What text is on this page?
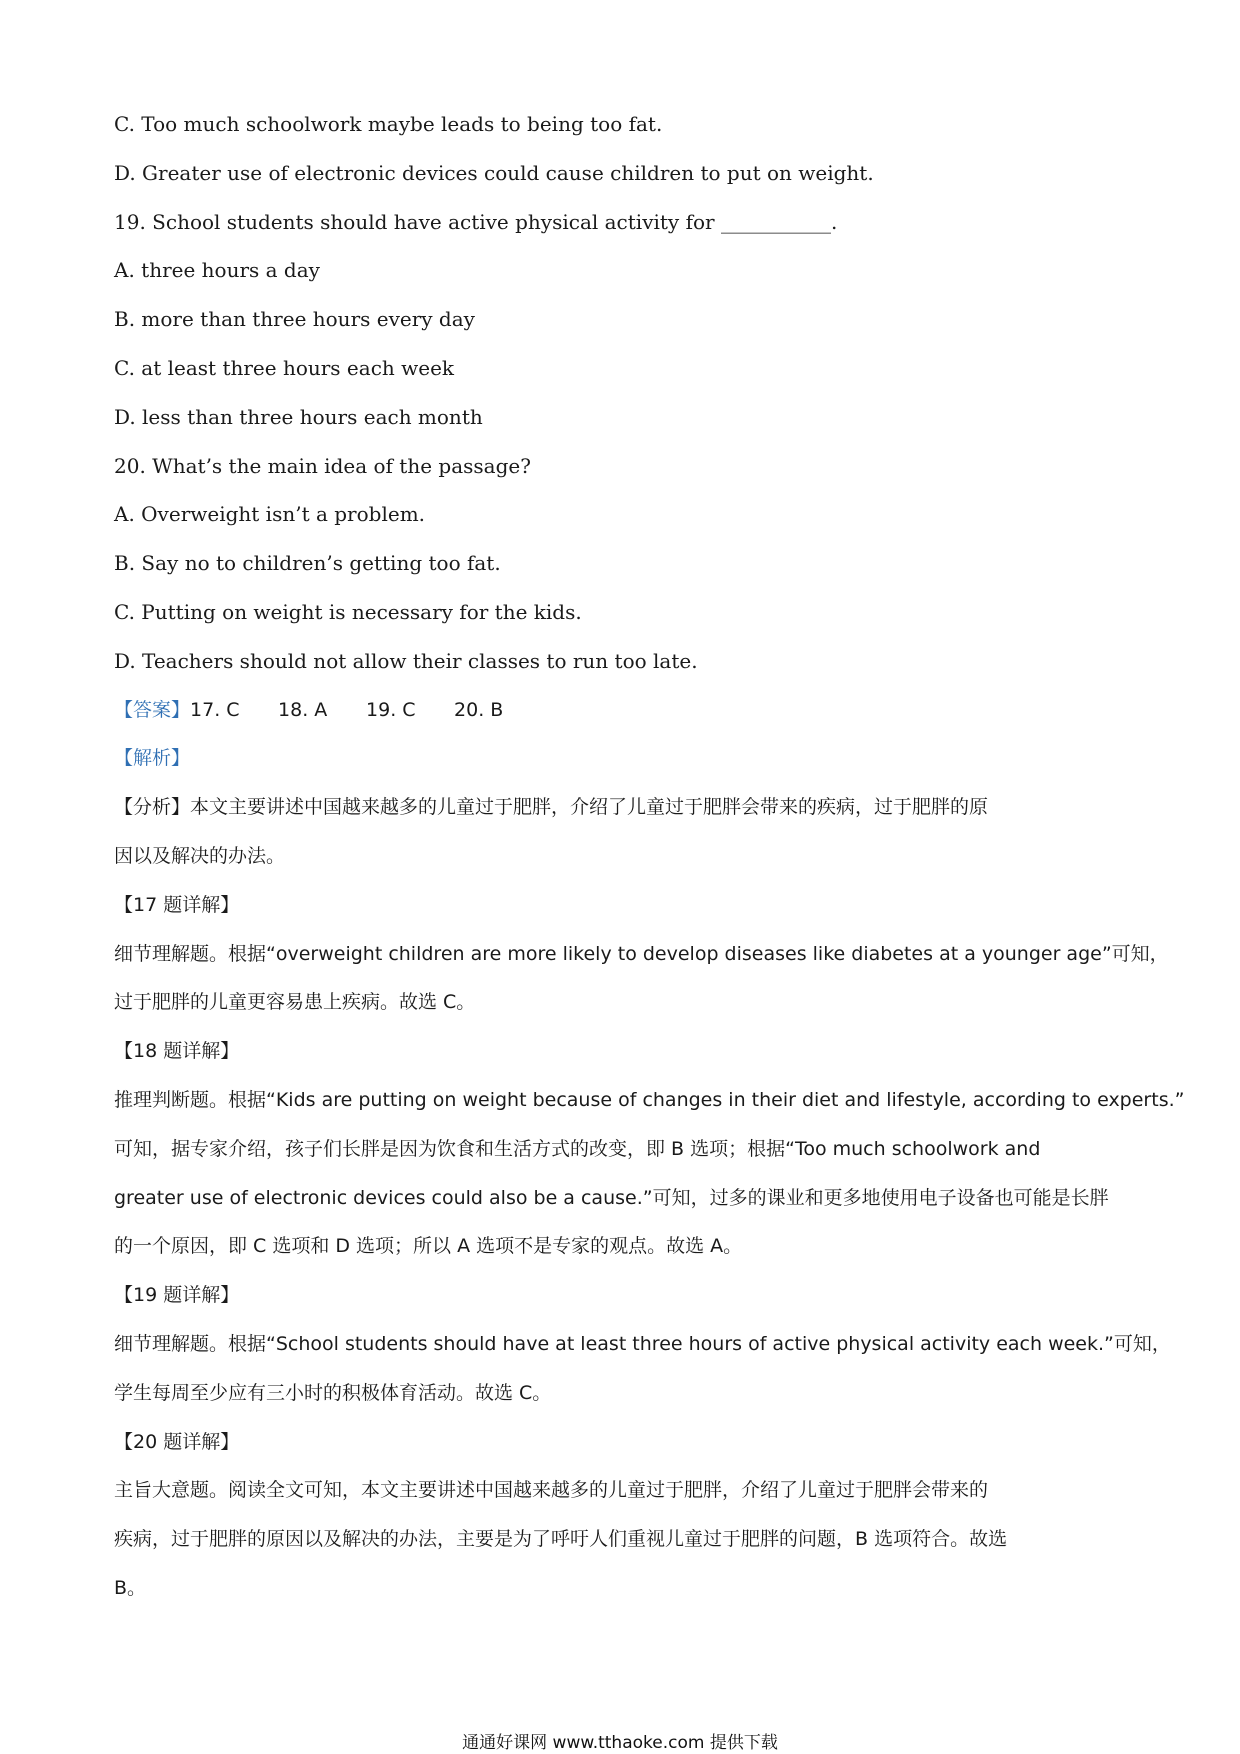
C. Too much schoolwork maybe leads to being too fat.
D. Greater use of electronic devices could cause children to put on weight.
19. School students should have active physical activity for ___________.
A. three hours a day
B. more than three hours every day
C. at least three hours each week
D. less than three hours each month
20. What’s the main idea of the passage?
A. Overweight isn’t a problem.
B. Say no to children’s getting too fat.
C. Putting on weight is necessary for the kids.
D. Teachers should not allow their classes to run too late.
【答案】17. C 18. A 19. C 20. B
【解析】
【分析】本文主要讲述中国越来越多的儿童过于肥胖，介绍了儿童过于肥胖会带来的疾病，过于肥胖的原
因以及解决的办法。
【17 题详解】
细节理解题。根据“overweight children are more likely to develop diseases like diabetes at a younger age”可知，
过于肥胖的儿童更容易患上疾病。故选 C。
【18 题详解】
推理判断题。根据“Kids are putting on weight because of changes in their diet and lifestyle, according to experts.”
可知，据专家介绍，孩子们长胖是因为饮食和生活方式的改变，即 B 选项；根据“Too much schoolwork and
greater use of electronic devices could also be a cause.”可知，过多的课业和更多地使用电子设备也可能是长胖
的一个原因，即 C 选项和 D 选项；所以 A 选项不是专家的观点。故选 A。
【19 题详解】
细节理解题。根据“School students should have at least three hours of active physical activity each week.”可知，
学生每周至少应有三小时的积极体育活动。故选 C。
【20 题详解】
主旨大意题。阅读全文可知，本文主要讲述中国越来越多的儿童过于肥胖，介绍了儿童过于肥胖会带来的
疾病，过于肥胖的原因以及解决的办法，主要是为了呼吁人们重视儿童过于肥胖的问题，B 选项符合。故选
B。
通通好课网 www.tthaoke.com 提供下载
